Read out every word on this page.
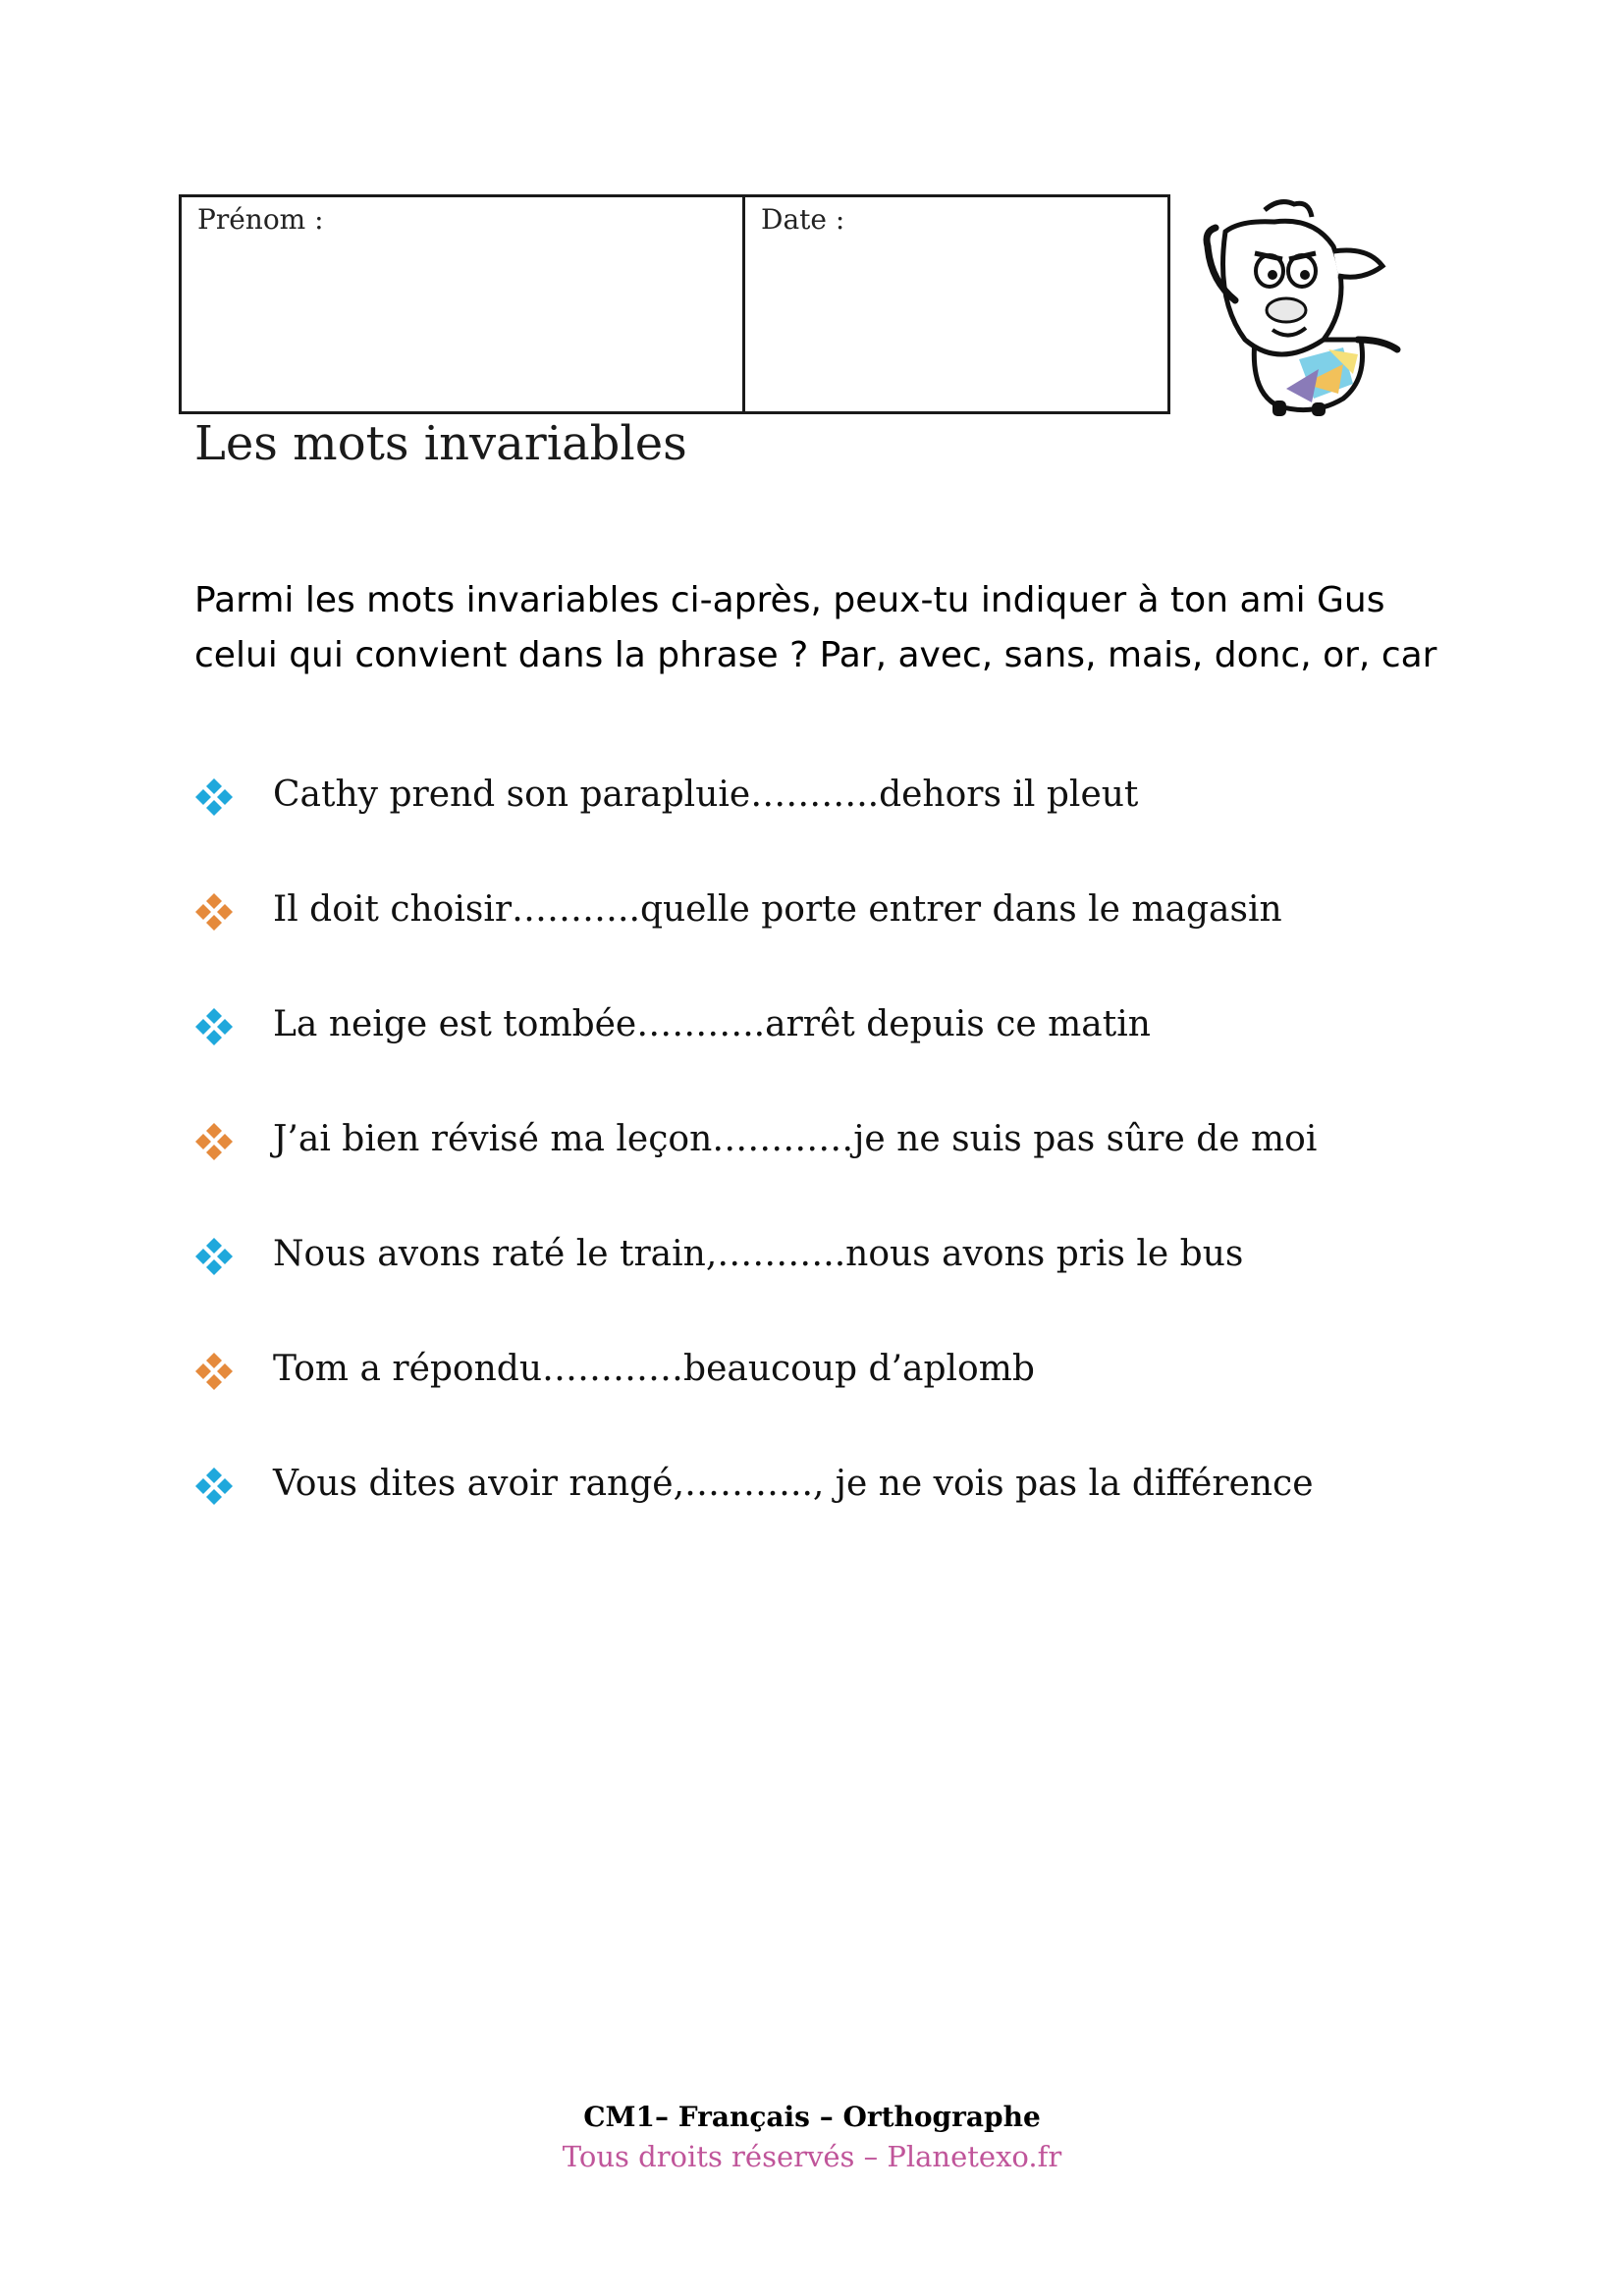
Prénom :	Date :
Les mots invariables

Parmi les mots invariables ci-après, peux-tu indiquer à ton ami Gus

celui qui convient dans la phrase ? Par, avec, sans, mais, donc, or, car

Cathy prend son parapluie………..dehors il pleut
Il doit choisir………..quelle porte entrer dans le magasin
La neige est tombée………..arrêt depuis ce matin
J’ai bien révisé ma leçon…………je ne suis pas sûre de moi
Nous avons raté le train,………..nous avons pris le bus
Tom a répondu…………beaucoup d’aplomb
Vous dites avoir rangé,……….., je ne vois pas la différence
CM1– Français – Orthographe
Tous droits réservés – Planetexo.fr
